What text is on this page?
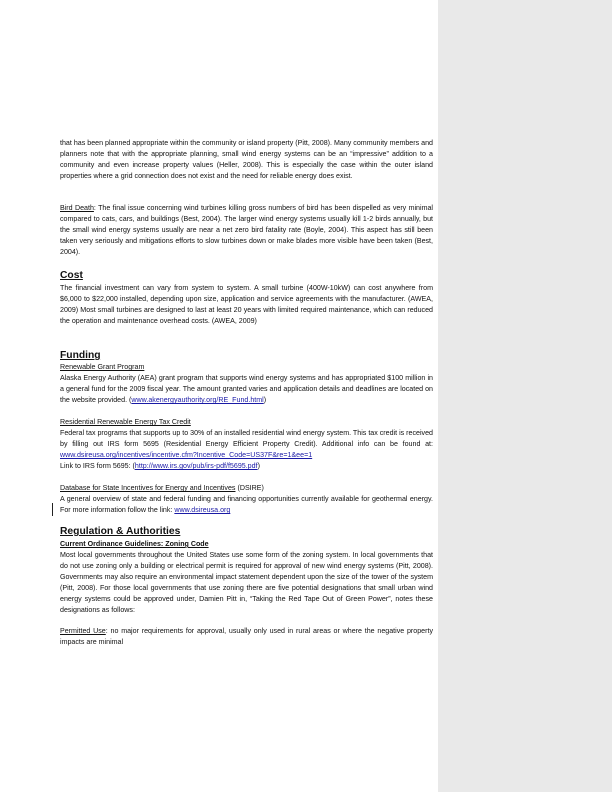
that has been planned appropriate within the community or island property (Pitt, 2008). Many community members and planners note that with the appropriate planning, small wind energy systems can be an “impressive” addition to a community and even increase property values (Heller, 2008). This is especially the case within the outer island properties where a grid connection does not exist and the need for reliable energy does exist.
Bird Death: The final issue concerning wind turbines killing gross numbers of bird has been dispelled as very minimal compared to cats, cars, and buildings (Best, 2004). The larger wind energy systems usually kill 1-2 birds annually, but the small wind energy systems usually are near a net zero bird fatality rate (Boyle, 2004). This aspect has still been taken very seriously and mitigations efforts to slow turbines down or make blades more visible have been taken (Best, 2004).
Cost
The financial investment can vary from system to system. A small turbine (400W-10kW) can cost anywhere from $6,000 to $22,000 installed, depending upon size, application and service agreements with the manufacturer. (AWEA, 2009) Most small turbines are designed to last at least 20 years with limited required maintenance, which can reduced the operation and maintenance overhead costs. (AWEA, 2009)
Funding
Renewable Grant Program
Alaska Energy Authority (AEA) grant program that supports wind energy systems and has appropriated $100 million in a general fund for the 2009 fiscal year. The amount granted varies and application details and deadlines are located on the website provided. (www.akenergyauthority.org/RE_Fund.html)
Residential Renewable Energy Tax Credit
Federal tax programs that supports up to 30% of an installed residential wind energy system. This tax credit is received by filling out IRS form 5695 (Residential Energy Efficient Property Credit). Additional info can be found at: www.dsireusa.org/incentives/incentive.cfm?Incentive_Code=US37F&re=1&ee=1
Link to IRS form 5695: (http://www.irs.gov/pub/irs-pdf/f5695.pdf)
Database for State Incentives for Energy and Incentives (DSIRE)
A general overview of state and federal funding and financing opportunities currently available for geothermal energy. For more information follow the link: www.dsireusa.org
Regulation & Authorities
Current Ordinance Guidelines: Zoning Code
Most local governments throughout the United States use some form of the zoning system. In local governments that do not use zoning only a building or electrical permit is required for approval of new wind energy systems (Pitt, 2008). Governments may also require an environmental impact statement dependent upon the size of the tower of the system (Pitt, 2008). For those local governments that use zoning there are five potential designations that small urban wind energy systems could be approved under, Damien Pitt in, “Taking the Red Tape Out of Green Power”, notes these designations as follows:
Permitted Use: no major requirements for approval, usually only used in rural areas or where the negative property impacts are minimal
